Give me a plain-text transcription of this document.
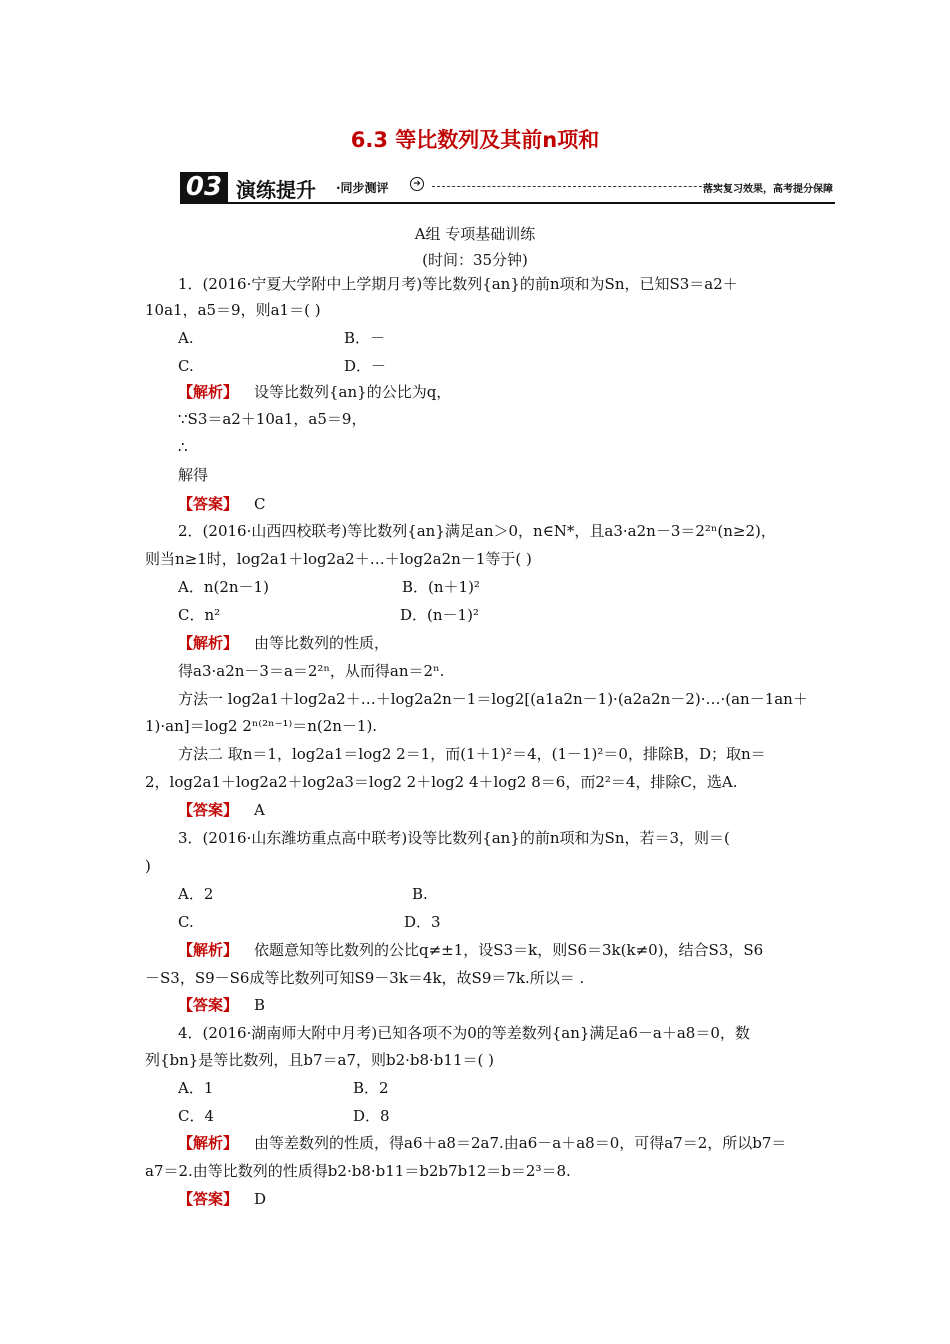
6.3 等比数列及其前n项和
03 演练提升 ·同步测评	➔	落实复习效果，高考提分保障
A组 专项基础训练
(时间：35分钟)
1．(2016·宁夏大学附中上学期月考)等比数列{an}的前n项和为Sn，已知S3＝a2＋
10a1，a5＝9，则a1＝( )
A.	B．－
C.	D．－
【解析】 设等比数列{an}的公比为q，
∵S3＝a2＋10a1，a5＝9，
∴
解得
【答案】 C
2．(2016·山西四校联考)等比数列{an}满足an＞0，n∈N*，且a3·a2n－3＝2²ⁿ(n≥2)，
则当n≥1时，log2a1＋log2a2＋…＋log2a2n－1等于( )
A．n(2n－1)	B．(n＋1)²
C．n²	D．(n－1)²
【解析】 由等比数列的性质，
得a3·a2n－3＝a＝2²ⁿ，从而得an＝2ⁿ.
方法一 log2a1＋log2a2＋…＋log2a2n－1＝log2[(a1a2n－1)·(a2a2n－2)·…·(an－1an＋
1)·an]＝log2 2ⁿ⁽²ⁿ⁻¹⁾＝n(2n－1).
方法二 取n＝1，log2a1＝log2 2＝1，而(1＋1)²＝4，(1－1)²＝0，排除B，D；取n＝
2，log2a1＋log2a2＋log2a3＝log2 2＋log2 4＋log2 8＝6，而2²＝4，排除C，选A.
【答案】 A
3．(2016·山东潍坊重点高中联考)设等比数列{an}的前n项和为Sn，若＝3，则＝(
)
A．2	B.
C.	D．3
【解析】 依题意知等比数列的公比q≠±1，设S3＝k，则S6＝3k(k≠0)，结合S3，S6
－S3，S9－S6成等比数列可知S9－3k＝4k，故S9＝7k.所以＝ .
【答案】 B
4．(2016·湖南师大附中月考)已知各项不为0的等差数列{an}满足a6－a＋a8＝0，数
列{bn}是等比数列，且b7＝a7，则b2·b8·b11＝( )
A．1	B．2
C．4	D．8
【解析】 由等差数列的性质，得a6＋a8＝2a7.由a6－a＋a8＝0，可得a7＝2，所以b7＝
a7＝2.由等比数列的性质得b2·b8·b11＝b2b7b12＝b＝2³＝8.
【答案】 D
